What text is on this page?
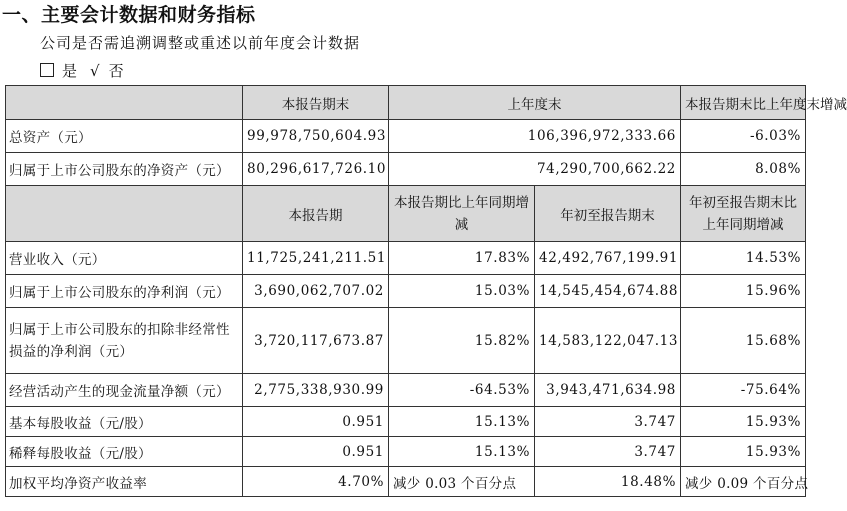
一、主要会计数据和财务指标
公司是否需追溯调整或重述以前年度会计数据
是 √ 否
	本报告期末	上年度末		本报告期末比上年度末增减
总资产（元）	99,978,750,604.93	106,396,972,333.66		-6.03%
归属于上市公司股东的净资产（元）	80,296,617,726.10	74,290,700,662.22		8.08%
	本报告期	本报告期比上年同期增减	年初至报告期末	年初至报告期末比上年同期增减
营业收入（元）	11,725,241,211.51	17.83%	42,492,767,199.91	14.53%
归属于上市公司股东的净利润（元）	3,690,062,707.02	15.03%	14,545,454,674.88	15.96%
归属于上市公司股东的扣除非经常性损益的净利润（元）	3,720,117,673.87	15.82%	14,583,122,047.13	15.68%
经营活动产生的现金流量净额（元）	2,775,338,930.99	-64.53%	3,943,471,634.98	-75.64%
基本每股收益（元/股）	0.951	15.13%	3.747	15.93%
稀释每股收益（元/股）	0.951	15.13%	3.747	15.93%
加权平均净资产收益率	4.70%	减少 0.03 个百分点	18.48%	减少 0.09 个百分点
